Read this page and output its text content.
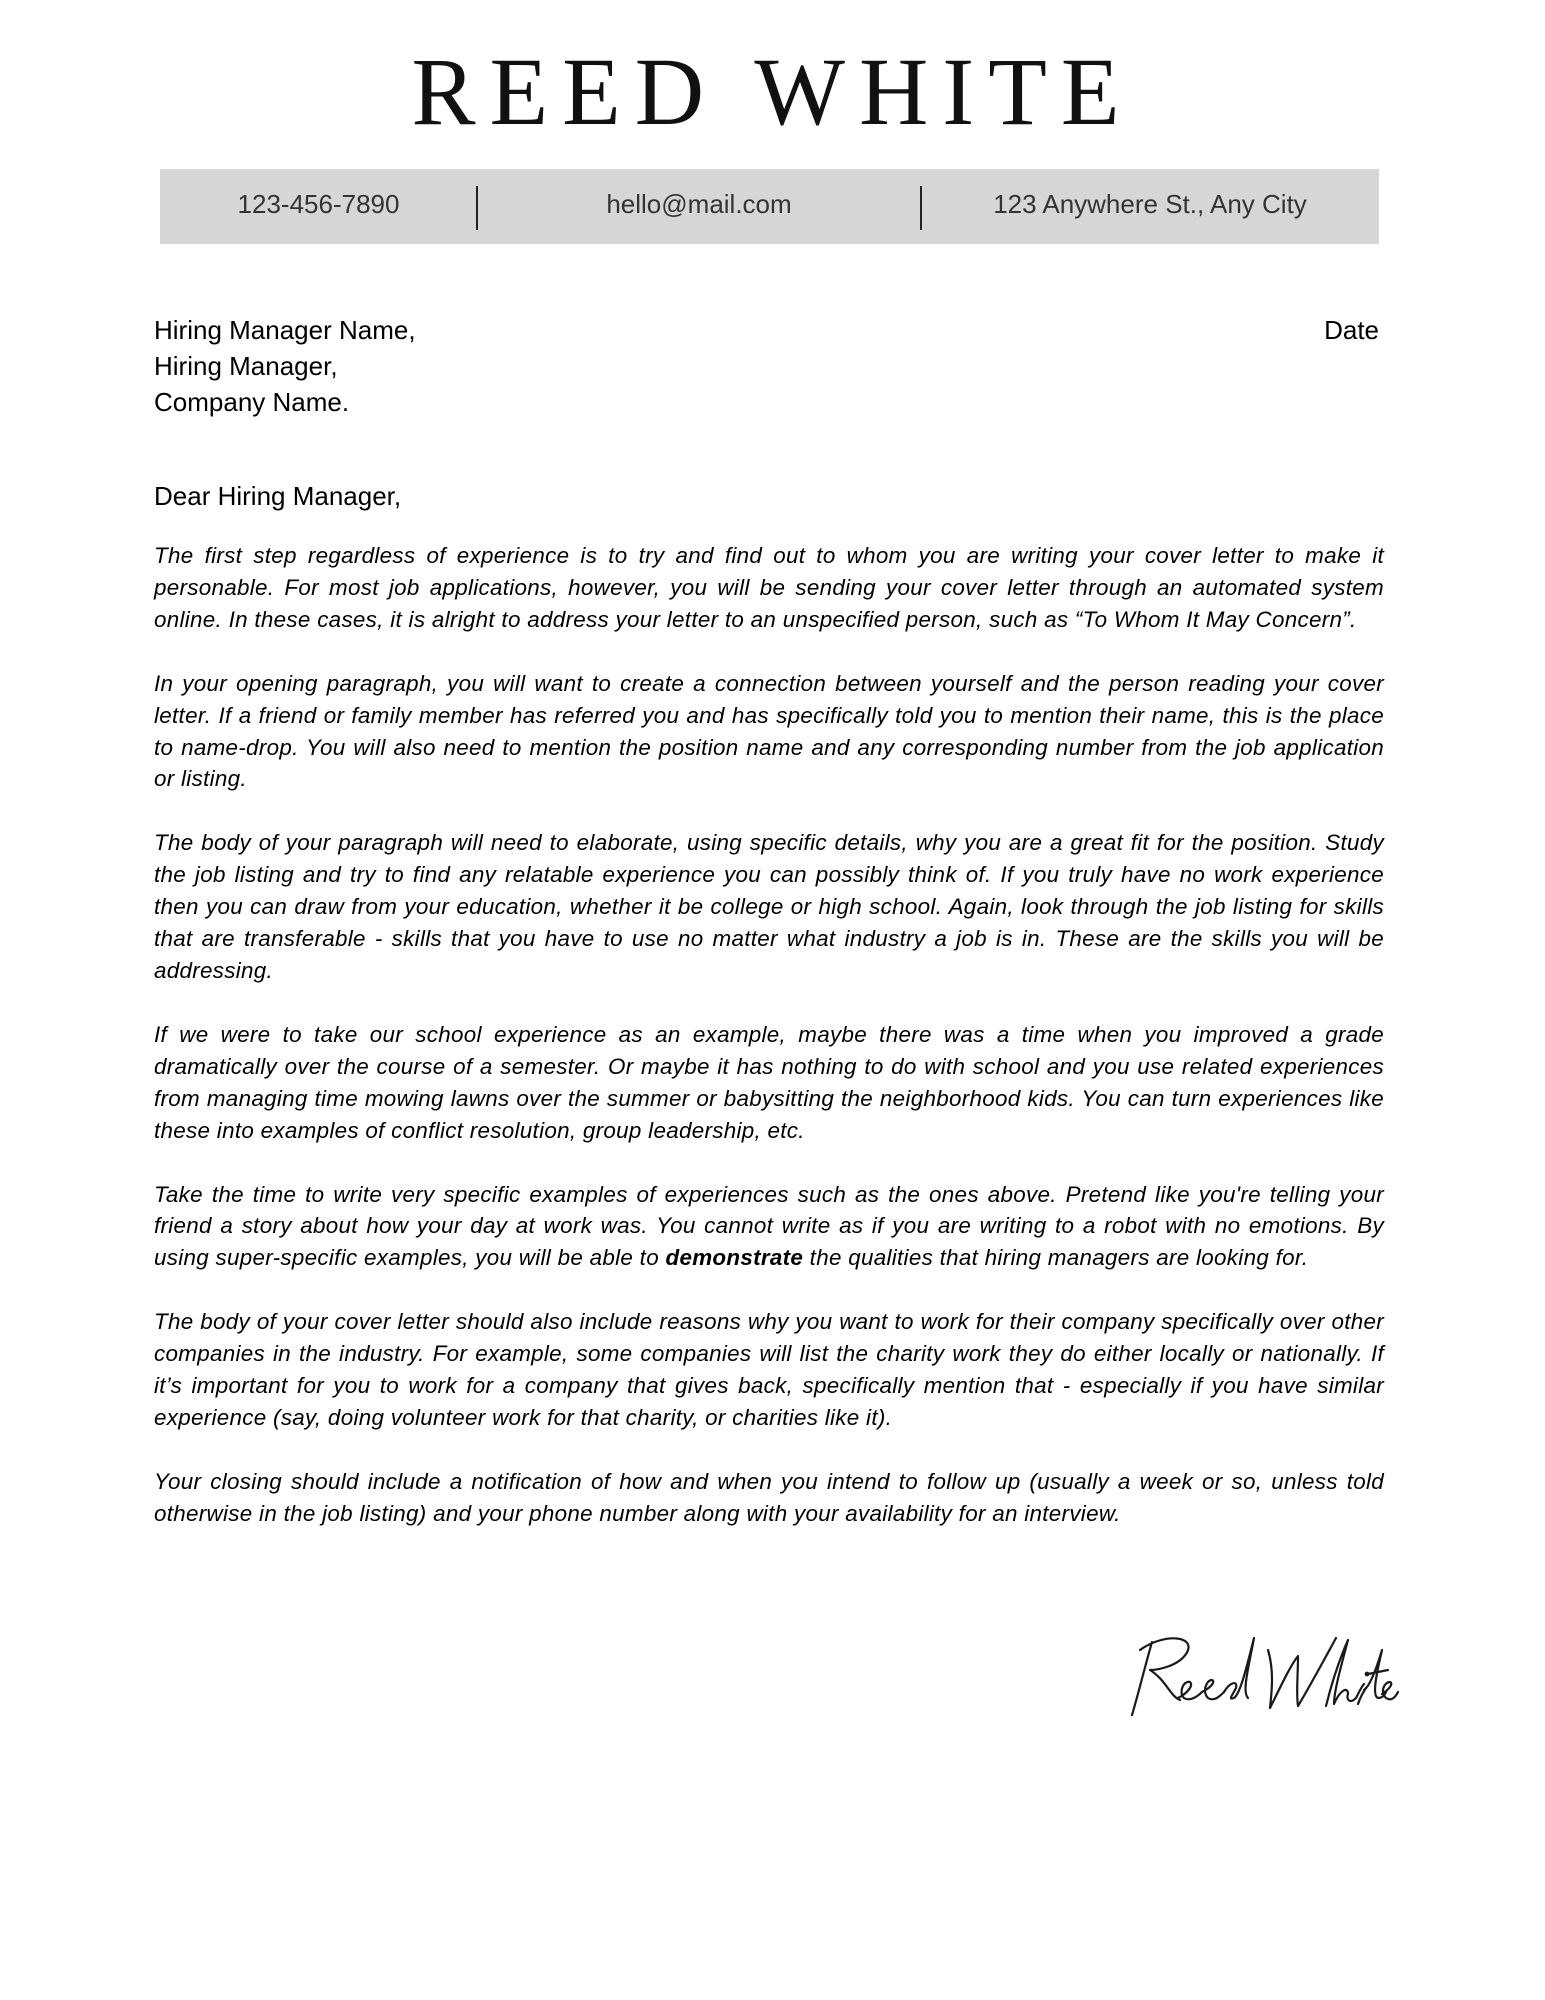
REED WHITE
123-456-7890	hello@mail.com	123 Anywhere St., Any City
Hiring Manager Name,
Hiring Manager,
Company Name.
Date
Dear Hiring Manager,

The first step regardless of experience is to try and find out to whom you are writing your cover letter to make it personable. For most job applications, however, you will be sending your cover letter through an automated system online. In these cases, it is alright to address your letter to an unspecified person, such as “To Whom It May Concern”.

In your opening paragraph, you will want to create a connection between yourself and the person reading your cover letter. If a friend or family member has referred you and has specifically told you to mention their name, this is the place to name-drop. You will also need to mention the position name and any corresponding number from the job application or listing.

The body of your paragraph will need to elaborate, using specific details, why you are a great fit for the position. Study the job listing and try to find any relatable experience you can possibly think of. If you truly have no work experience then you can draw from your education, whether it be college or high school. Again, look through the job listing for skills that are transferable - skills that you have to use no matter what industry a job is in. These are the skills you will be addressing.

If we were to take our school experience as an example, maybe there was a time when you improved a grade dramatically over the course of a semester. Or maybe it has nothing to do with school and you use related experiences from managing time mowing lawns over the summer or babysitting the neighborhood kids. You can turn experiences like these into examples of conflict resolution, group leadership, etc.

Take the time to write very specific examples of experiences such as the ones above. Pretend like you're telling your friend a story about how your day at work was. You cannot write as if you are writing to a robot with no emotions. By using super-specific examples, you will be able to demonstrate the qualities that hiring managers are looking for.

The body of your cover letter should also include reasons why you want to work for their company specifically over other companies in the industry. For example, some companies will list the charity work they do either locally or nationally. If it’s important for you to work for a company that gives back, specifically mention that - especially if you have similar experience (say, doing volunteer work for that charity, or charities like it).

Your closing should include a notification of how and when you intend to follow up (usually a week or so, unless told otherwise in the job listing) and your phone number along with your availability for an interview.
